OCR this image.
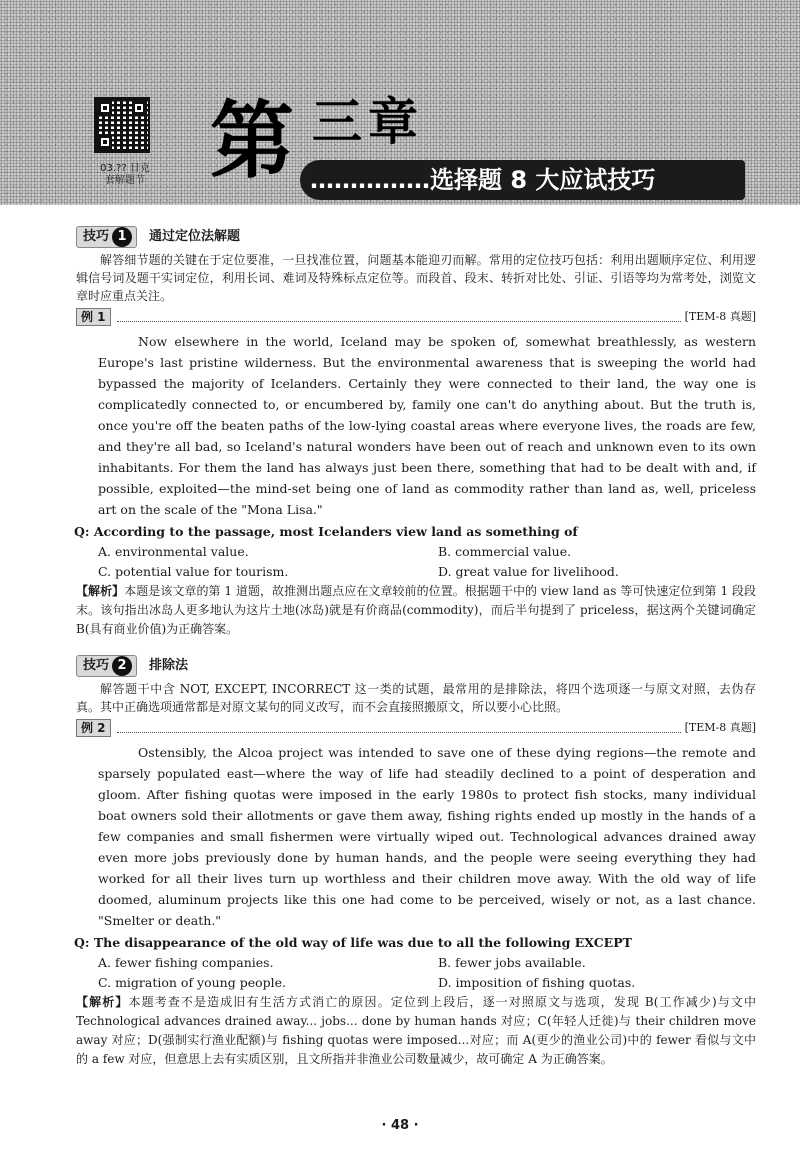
03.?? 日克
套解题节 第 三章
……………选择题 8 大应试技巧
技巧 1	通过定位法解题

解答细节题的关键在于定位要准，一旦找准位置，问题基本能迎刃而解。常用的定位技巧包括：利用出题顺序定位、利用逻辑信号词及题干实词定位，利用长词、难词及特殊标点定位等。而段首、段末、转折对比处、引证、引语等均为常考处，浏览文章时应重点关注。

例 1	[TEM-8 真题]

Now elsewhere in the world, Iceland may be spoken of, somewhat breathlessly, as western Europe's last pristine wilderness. But the environmental awareness that is sweeping the world had bypassed the majority of Icelanders. Certainly they were connected to their land, the way one is complicatedly connected to, or encumbered by, family one can't do anything about. But the truth is, once you're off the beaten paths of the low-lying coastal areas where everyone lives, the roads are few, and they're all bad, so Iceland's natural wonders have been out of reach and unknown even to its own inhabitants. For them the land has always just been there, something that had to be dealt with and, if possible, exploited—the mind-set being one of land as commodity rather than land as, well, priceless art on the scale of the "Mona Lisa."

Q: According to the passage, most Icelanders view land as something of
A. environmental value.	B. commercial value.
C. potential value for tourism.	D. great value for livelihood.

【解析】本题是该文章的第 1 道题，故推测出题点应在文章较前的位置。根据题干中的 view land as 等可快速定位到第 1 段段末。该句指出冰岛人更多地认为这片土地(冰岛)就是有价商品(commodity)，而后半句提到了 priceless，据这两个关键词确定 B(具有商业价值)为正确答案。

技巧 2	排除法

解答题干中含 NOT, EXCEPT, INCORRECT 这一类的试题，最常用的是排除法，将四个选项逐一与原文对照，去伪存真。其中正确选项通常都是对原文某句的同义改写，而不会直接照搬原文，所以要小心比照。

例 2	[TEM-8 真题]

Ostensibly, the Alcoa project was intended to save one of these dying regions—the remote and sparsely populated east—where the way of life had steadily declined to a point of desperation and gloom. After fishing quotas were imposed in the early 1980s to protect fish stocks, many individual boat owners sold their allotments or gave them away, fishing rights ended up mostly in the hands of a few companies and small fishermen were virtually wiped out. Technological advances drained away even more jobs previously done by human hands, and the people were seeing everything they had worked for all their lives turn up worthless and their children move away. With the old way of life doomed, aluminum projects like this one had come to be perceived, wisely or not, as a last chance. "Smelter or death."

Q: The disappearance of the old way of life was due to all the following EXCEPT
A. fewer fishing companies.	B. fewer jobs available.
C. migration of young people.	D. imposition of fishing quotas.

【解析】本题考查不是造成旧有生活方式消亡的原因。定位到上段后，逐一对照原文与选项，发现 B(工作减少)与文中 Technological advances drained away... jobs... done by human hands 对应；C(年轻人迁徙)与 their children move away 对应；D(强制实行渔业配额)与 fishing quotas were imposed...对应；而 A(更少的渔业公司)中的 fewer 看似与文中的 a few 对应，但意思上去有实质区别，且文所指并非渔业公司数量减少，故可确定 A 为正确答案。

· 48 ·
